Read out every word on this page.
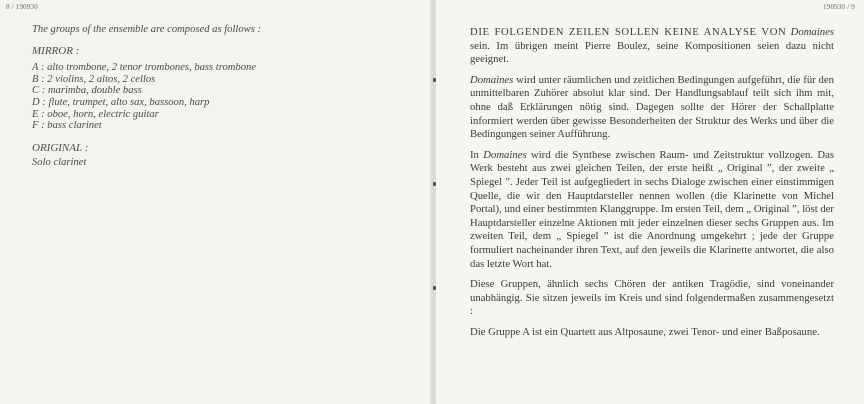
8 / 190930

The groups of the ensemble are composed as follows :

MIRROR :

A : alto trombone, 2 tenor trombones, bass trombone
B : 2 violins, 2 altos, 2 cellos
C : marimba, double bass
D : flute, trumpet, alto sax, bassoon, harp
E : oboe, horn, electric guitar
F : bass clarinet

ORIGINAL :

Solo clarinet

190930 / 9

DIE FOLGENDEN ZEILEN SOLLEN KEINE ANALYSE VON Domaines sein. Im übrigen meint Pierre Boulez, seine Kompositionen seien dazu nicht geeignet.

Domaines wird unter räumlichen und zeitlichen Bedingungen aufgeführt, die für den unmittelbaren Zuhörer absolut klar sind. Der Handlungsablauf teilt sich ihm mit, ohne daß Erklärungen nötig sind. Dagegen sollte der Hörer der Schallplatte informiert werden über gewisse Besonderheiten der Struktur des Werks und über die Bedingungen seiner Aufführung.

In Domaines wird die Synthese zwischen Raum- und Zeitstruktur vollzogen. Das Werk besteht aus zwei gleichen Teilen, der erste heißt „ Original ”, der zweite „ Spiegel ”. Jeder Teil ist aufgegliedert in sechs Dialoge zwischen einer einstimmigen Quelle, die wir den Hauptdarsteller nennen wollen (die Klarinette von Michel Portal), und einer bestimmten Klanggruppe. Im ersten Teil, dem „ Original ”, löst der Hauptdarsteller einzelne Aktionen mit jeder einzelnen dieser sechs Gruppen aus. Im zweiten Teil, dem „ Spiegel ” ist die Anordnung umgekehrt ; jede der Gruppe formuliert nacheinander ihren Text, auf den jeweils die Klarinette antwortet, die also das letzte Wort hat.

Diese Gruppen, ähnlich sechs Chören der antiken Tragödie, sind voneinander unabhängig. Sie sitzen jeweils im Kreis und sind folgendermaßen zusammengesetzt :

Die Gruppe A ist ein Quartett aus Altposaune, zwei Tenor- und einer Baßposaune.
